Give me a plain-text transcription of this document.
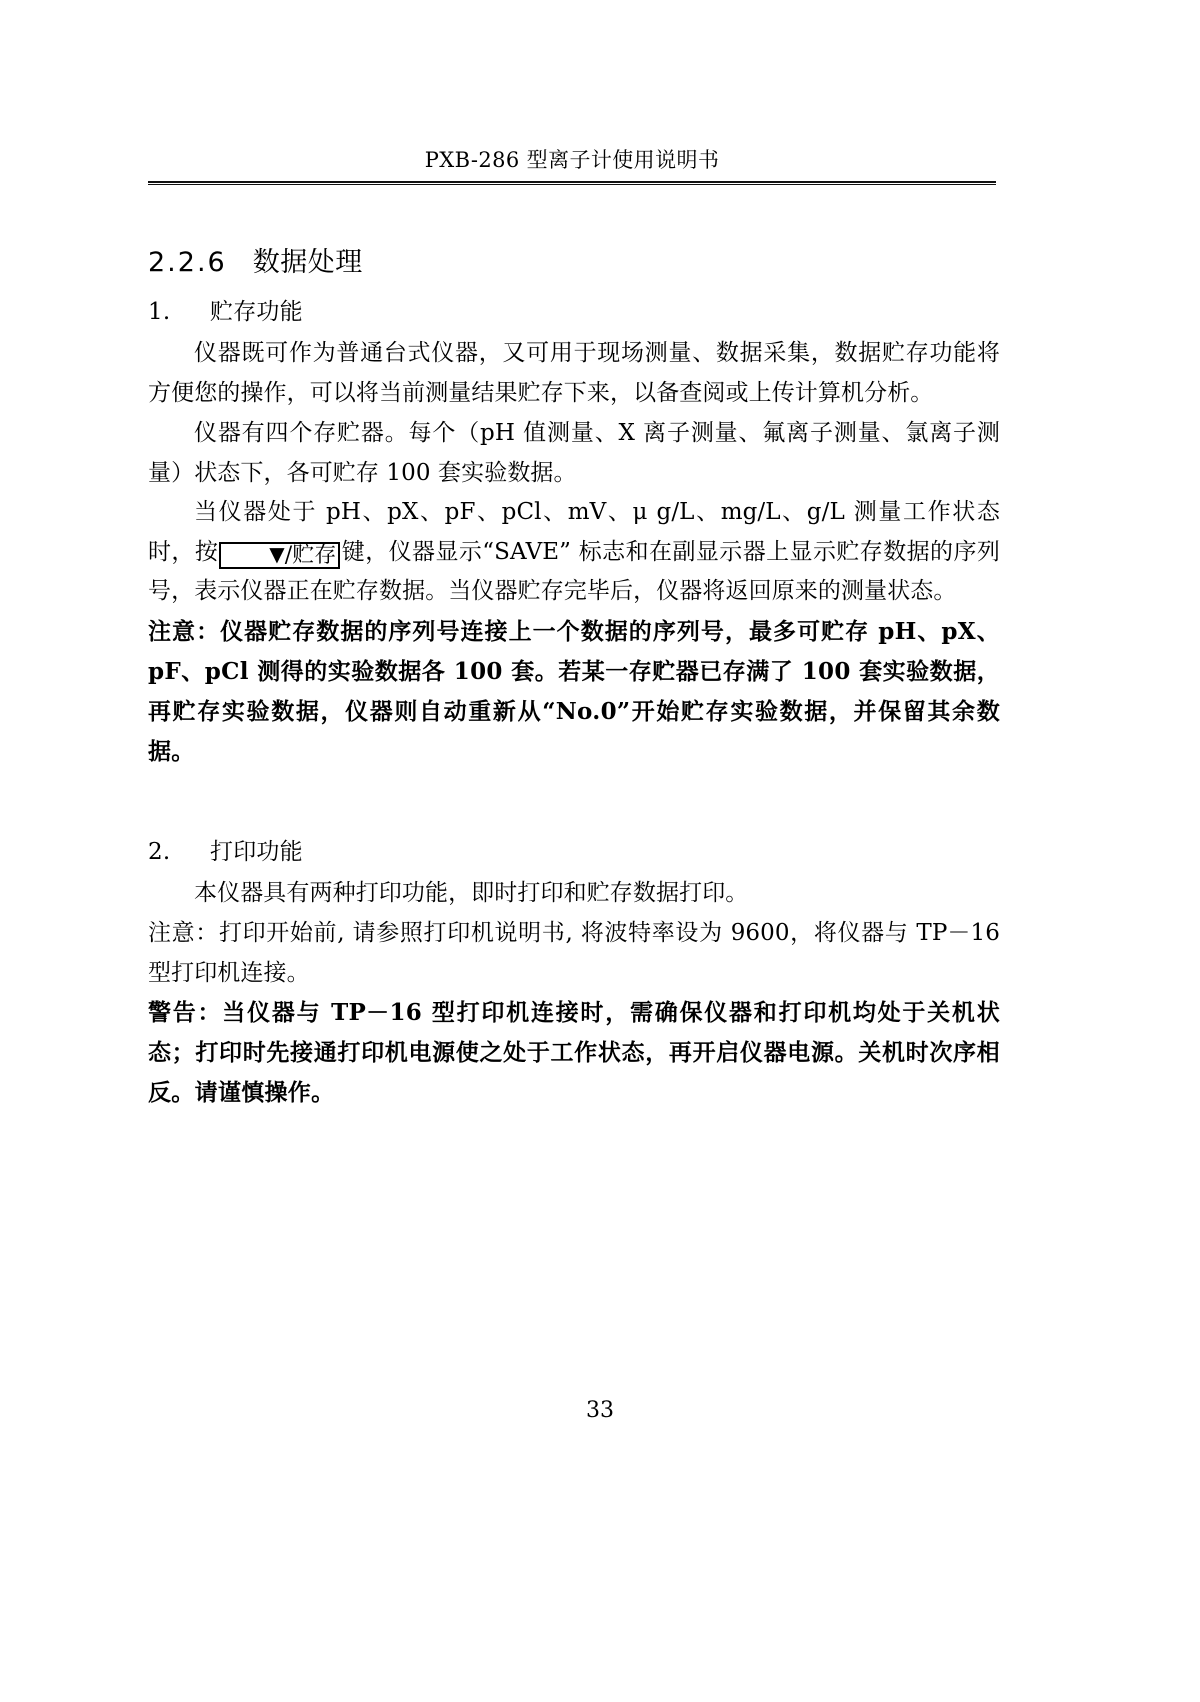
PXB-286 型离子计使用说明书
2.2.6 数据处理
1. 贮存功能

仪器既可作为普通台式仪器，又可用于现场测量、数据采集，数据贮存功能将方便您的操作，可以将当前测量结果贮存下来，以备查阅或上传计算机分析。

仪器有四个存贮器。每个（pH 值测量、X 离子测量、氟离子测量、氯离子测量）状态下，各可贮存 100 套实验数据。

当仪器处于 pH、pX、pF、pCl、mV、μ g/L、mg/L、g/L 测量工作状态时，按	▼/贮存 键，仪器显示“SAVE” 标志和在副显示器上显示贮存数据的序列号，表示仪器正在贮存数据。当仪器贮存完毕后，仪器将返回原来的测量状态。

注意：仪器贮存数据的序列号连接上一个数据的序列号，最多可贮存 pH、pX、pF、pCl 测得的实验数据各 100 套。若某一存贮器已存满了 100 套实验数据，再贮存实验数据，仪器则自动重新从“No.0”开始贮存实验数据，并保留其余数据。

2. 打印功能

本仪器具有两种打印功能，即时打印和贮存数据打印。

注意：打印开始前, 请参照打印机说明书, 将波特率设为 9600，将仪器与 TP－16 型打印机连接。

警告：当仪器与 TP－16 型打印机连接时，需确保仪器和打印机均处于关机状态；打印时先接通打印机电源使之处于工作状态，再开启仪器电源。关机时次序相反。请谨慎操作。

33
